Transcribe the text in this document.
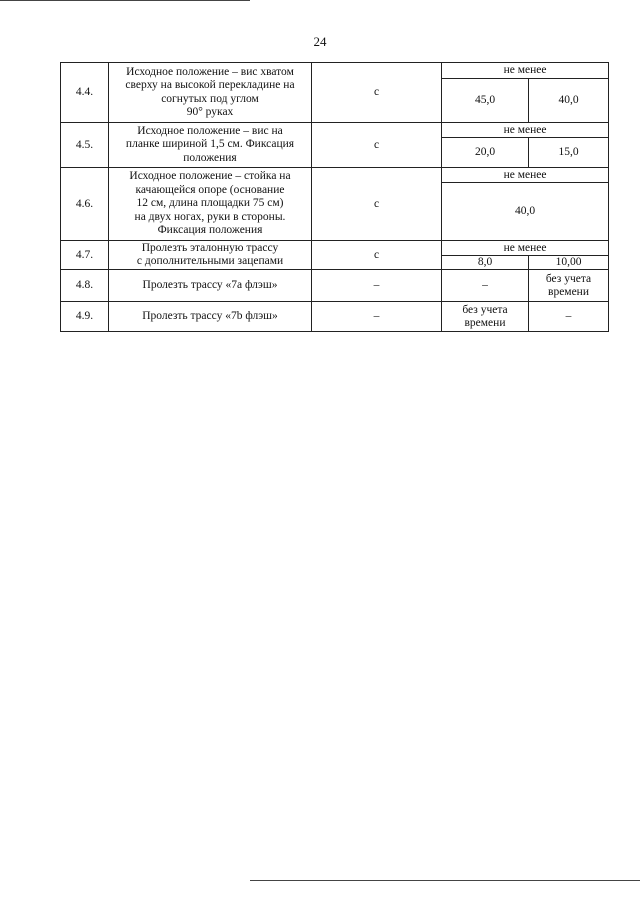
24
4.4.	Исходное положение – вис хватом
сверху на высокой перекладине на
согнутых под углом
90° руках	с	не менее	
			45,0	40,0
4.5.	Исходное положение – вис на
планке шириной 1,5 см. Фиксация
положения	с	не менее	
			20,0	15,0
4.6.	Исходное положение – стойка на
качающейся опоре (основание
12 см, длина площадки 75 см)
на двух ногах, руки в стороны.
Фиксация положения	с	не менее	
			40,0	
4.7.	Пролезть эталонную трассу
с дополнительными зацепами	с	не менее	
			8,0	10,00
4.8.	Пролезть трассу «7а флэш»	–	–	без учета
времени

4.9.	Пролезть трассу «7b флэш»	–	без учета
времени	–
